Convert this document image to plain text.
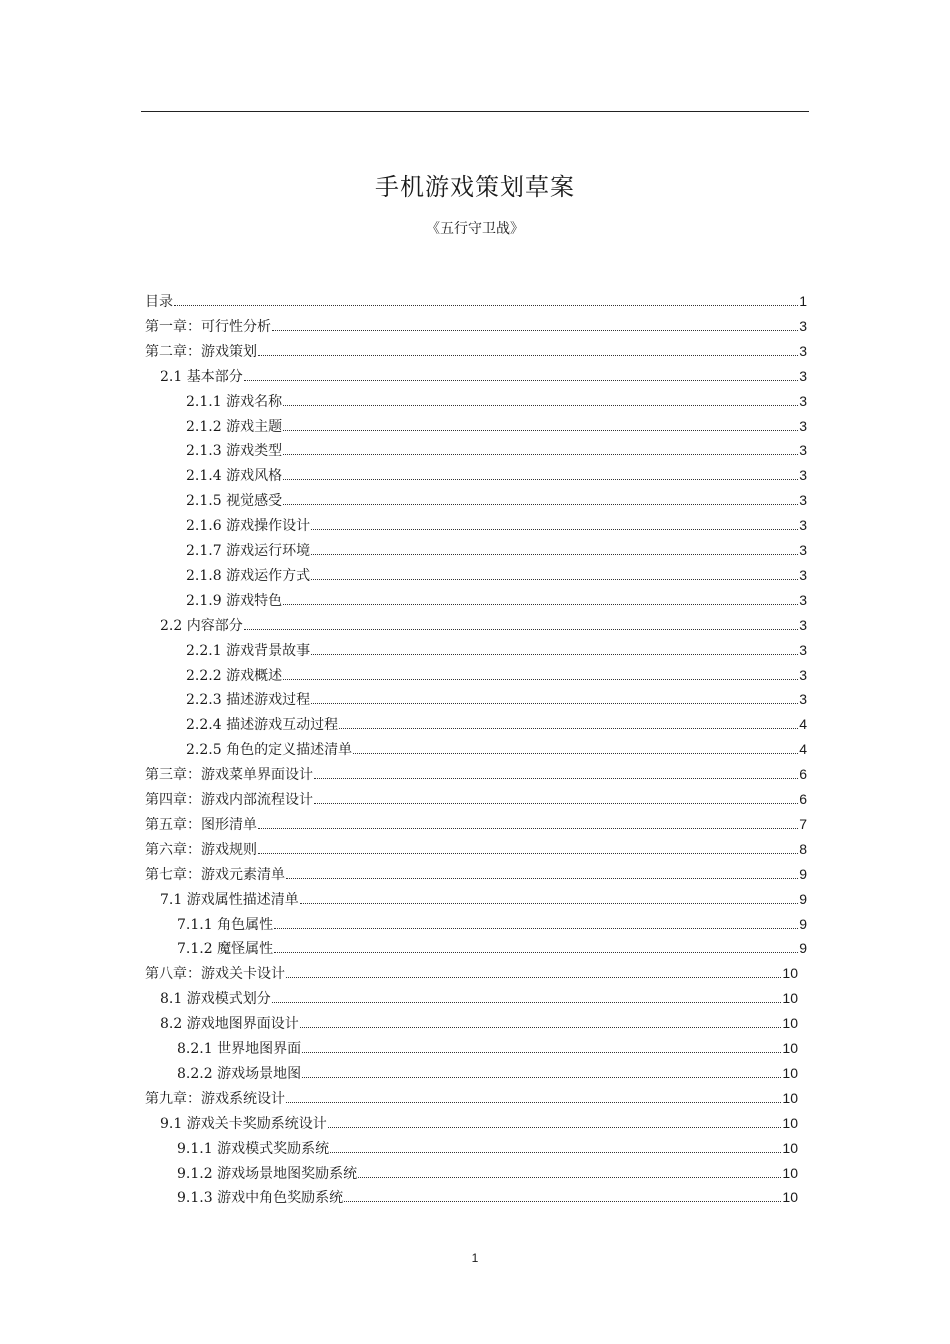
手机游戏策划草案
《五行守卫战》
目录	1
第一章：可行性分析	3
第二章：游戏策划	3
2.1 基本部分	3
2.1.1 游戏名称	3
2.1.2 游戏主题	3
2.1.3 游戏类型	3
2.1.4 游戏风格	3
2.1.5 视觉感受	3
2.1.6 游戏操作设计	3
2.1.7 游戏运行环境	3
2.1.8 游戏运作方式	3
2.1.9 游戏特色	3
2.2 内容部分	3
2.2.1 游戏背景故事	3
2.2.2 游戏概述	3
2.2.3 描述游戏过程	3
2.2.4 描述游戏互动过程	4
2.2.5 角色的定义描述清单	4
第三章：游戏菜单界面设计	6
第四章：游戏内部流程设计	6
第五章：图形清单	7
第六章：游戏规则	8
第七章：游戏元素清单	9
7.1 游戏属性描述清单	9
7.1.1 角色属性	9
7.1.2 魔怪属性	9
第八章：游戏关卡设计	10
8.1 游戏模式划分	10
8.2 游戏地图界面设计	10
8.2.1 世界地图界面	10
8.2.2 游戏场景地图	10
第九章：游戏系统设计	10
9.1 游戏关卡奖励系统设计	10
9.1.1 游戏模式奖励系统	10
9.1.2 游戏场景地图奖励系统	10
9.1.3 游戏中角色奖励系统	10
1
